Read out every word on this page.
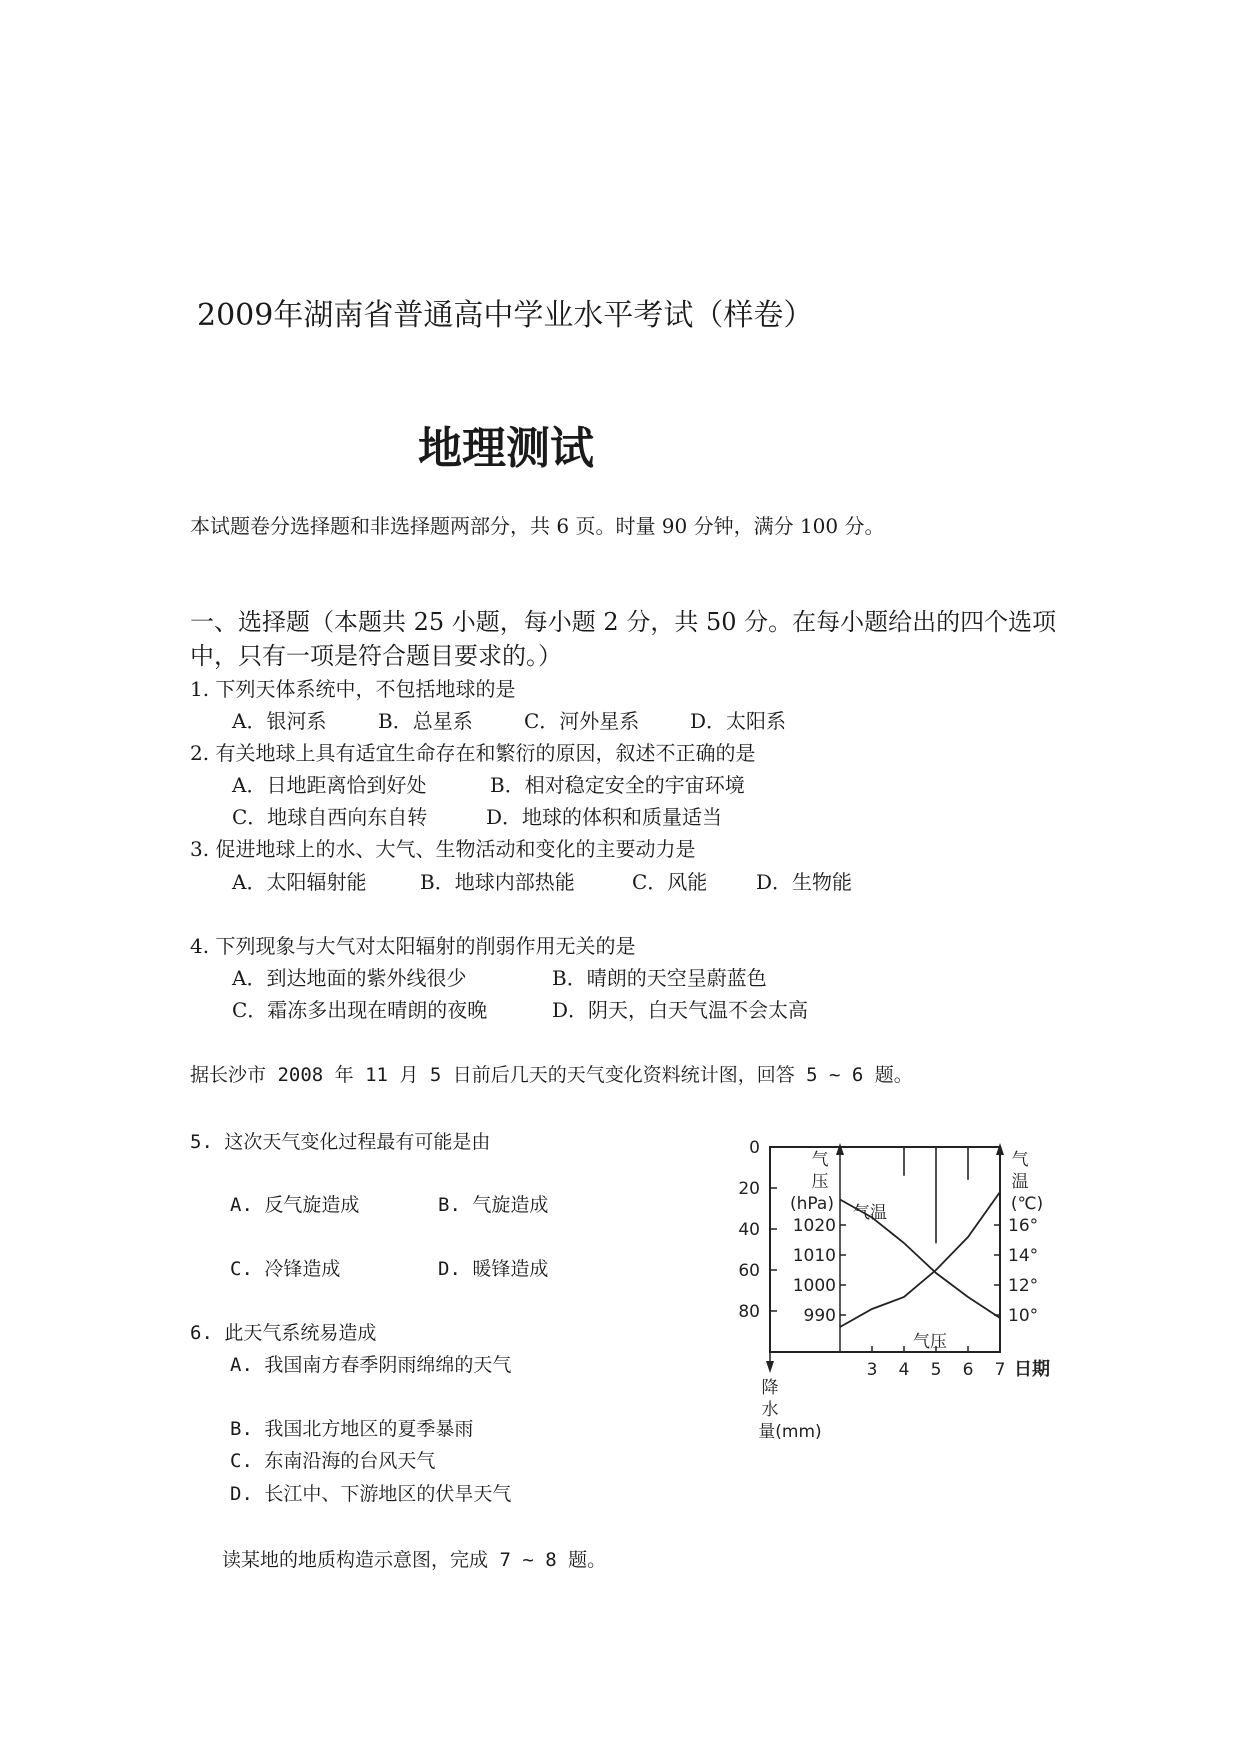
2009年湖南省普通高中学业水平考试（样卷）
地理测试
本试题卷分选择题和非选择题两部分，共 6 页。时量 90 分钟，满分 100 分。
一、选择题（本题共 25 小题，每小题 2 分，共 50 分。在每小题给出的四个选项
中，只有一项是符合题目要求的。）
1. 下列天体系统中，不包括地球的是
A．银河系	B．总星系	C．河外星系	D．太阳系
2. 有关地球上具有适宜生命存在和繁衍的原因，叙述不正确的是
A．日地距离恰到好处	B．相对稳定安全的宇宙环境
C．地球自西向东自转	D．地球的体积和质量适当
3. 促进地球上的水、大气、生物活动和变化的主要动力是
A．太阳辐射能	B．地球内部热能	C．风能 D．生物能
4. 下列现象与大气对太阳辐射的削弱作用无关的是
A．到达地面的紫外线很少	B．晴朗的天空呈蔚蓝色
C．霜冻多出现在晴朗的夜晚	D．阴天，白天气温不会太高
据长沙市 2008 年 11 月 5 日前后几天的天气变化资料统计图，回答 5 ~ 6 题。
5. 这次天气变化过程最有可能是由
A. 反气旋造成	B. 气旋造成
C. 冷锋造成	D. 暖锋造成
6. 此天气系统易造成
A. 我国南方春季阴雨绵绵的天气
B. 我国北方地区的夏季暴雨
C. 东南沿海的台风天气
D. 长江中、下游地区的伏旱天气
读某地的地质构造示意图，完成 7 ~ 8 题。
0
20
40
60
80
1020
1010
1000
990
16°
14°
12°
10°
3 4 5 6 7
气
压
(hPa)
气
温
(℃)
降
水
量(mm)
日期
气温
气压
